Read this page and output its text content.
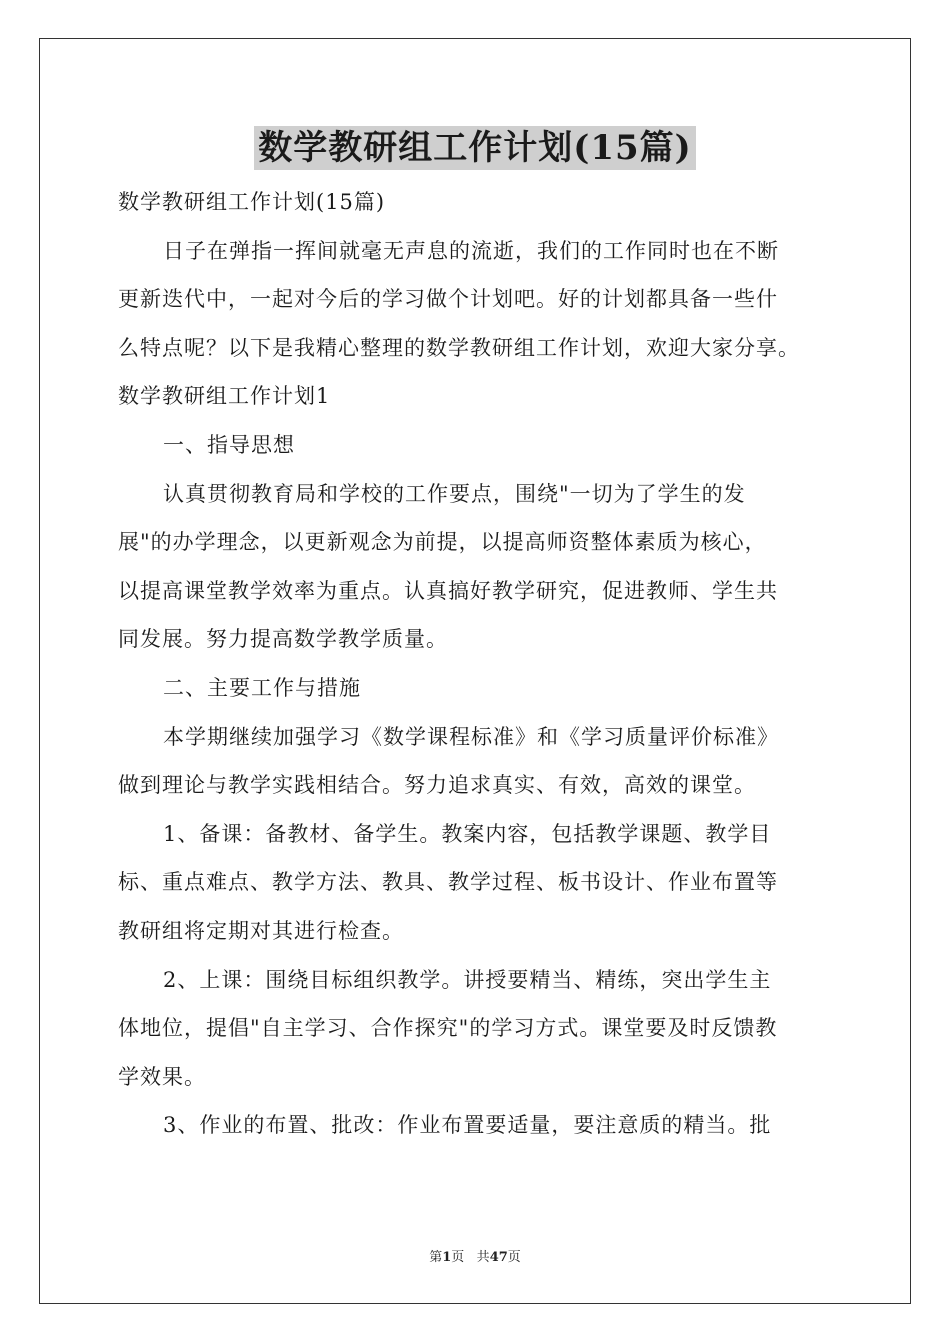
数学教研组工作计划(15篇)
数学教研组工作计划(15篇)
日子在弹指一挥间就毫无声息的流逝，我们的工作同时也在不断
更新迭代中，一起对今后的学习做个计划吧。好的计划都具备一些什
么特点呢？以下是我精心整理的数学教研组工作计划，欢迎大家分享。
数学教研组工作计划1
一、指导思想
认真贯彻教育局和学校的工作要点，围绕"一切为了学生的发
展"的办学理念，以更新观念为前提，以提高师资整体素质为核心，
以提高课堂教学效率为重点。认真搞好教学研究，促进教师、学生共
同发展。努力提高数学教学质量。
二、主要工作与措施
本学期继续加强学习《数学课程标准》和《学习质量评价标准》
做到理论与教学实践相结合。努力追求真实、有效，高效的课堂。
1、备课：备教材、备学生。教案内容，包括教学课题、教学目
标、重点难点、教学方法、教具、教学过程、板书设计、作业布置等
教研组将定期对其进行检查。
2、上课：围绕目标组织教学。讲授要精当、精练，突出学生主
体地位，提倡"自主学习、合作探究"的学习方式。课堂要及时反馈教
学效果。
3、作业的布置、批改：作业布置要适量，要注意质的精当。批
第1页 共47页
